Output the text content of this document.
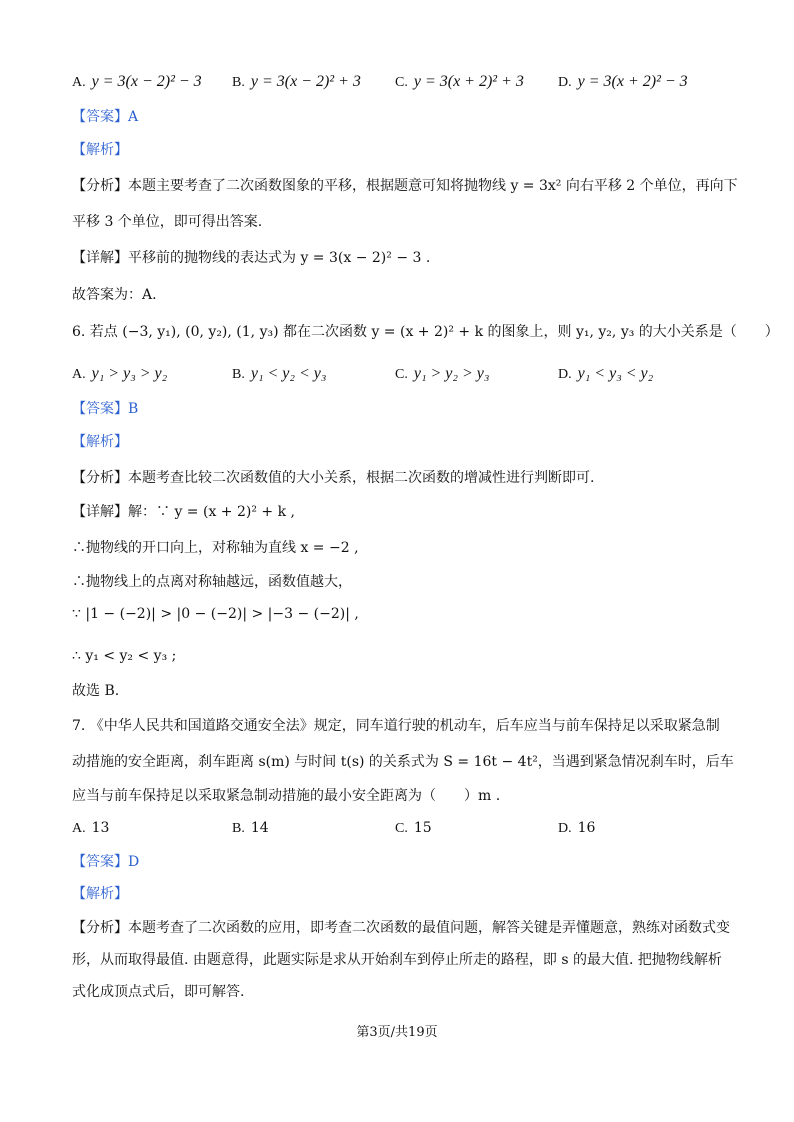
A. y = 3(x − 2)² − 3 B. y = 3(x − 2)² + 3 C. y = 3(x + 2)² + 3 D. y = 3(x + 2)² − 3
【答案】A
【解析】
【分析】本题主要考查了二次函数图象的平移，根据题意可知将抛物线 y = 3x² 向右平移 2 个单位，再向下
平移 3 个单位，即可得出答案.
【详解】平移前的抛物线的表达式为 y = 3(x − 2)² − 3 .
故答案为：A.
6. 若点 (−3, y₁), (0, y₂), (1, y₃) 都在二次函数 y = (x + 2)² + k 的图象上，则 y₁, y₂, y₃ 的大小关系是（　　）
A. y₁ > y₃ > y₂	B. y₁ < y₂ < y₃	C. y₁ > y₂ > y₃	D. y₁ < y₃ < y₂
【答案】B
【解析】
【分析】本题考查比较二次函数值的大小关系，根据二次函数的增减性进行判断即可.
【详解】解：∵ y = (x + 2)² + k ,
∴抛物线的开口向上，对称轴为直线 x = −2 ,
∴抛物线上的点离对称轴越远，函数值越大，
∵ |1 − (−2)| > |0 − (−2)| > |−3 − (−2)| ,
∴ y₁ < y₂ < y₃ ;
故选 B.
7. 《中华人民共和国道路交通安全法》规定，同车道行驶的机动车，后车应当与前车保持足以采取紧急制
动措施的安全距离，刹车距离 s(m) 与时间 t(s) 的关系式为 S = 16t − 4t²，当遇到紧急情况刹车时，后车
应当与前车保持足以采取紧急制动措施的最小安全距离为（　　）m .
A. 13	B. 14	C. 15	D. 16
【答案】D
【解析】
【分析】本题考查了二次函数的应用，即考查二次函数的最值问题，解答关键是弄懂题意，熟练对函数式变
形，从而取得最值. 由题意得，此题实际是求从开始刹车到停止所走的路程，即 s 的最大值. 把抛物线解析
式化成顶点式后，即可解答.
第3页/共19页
